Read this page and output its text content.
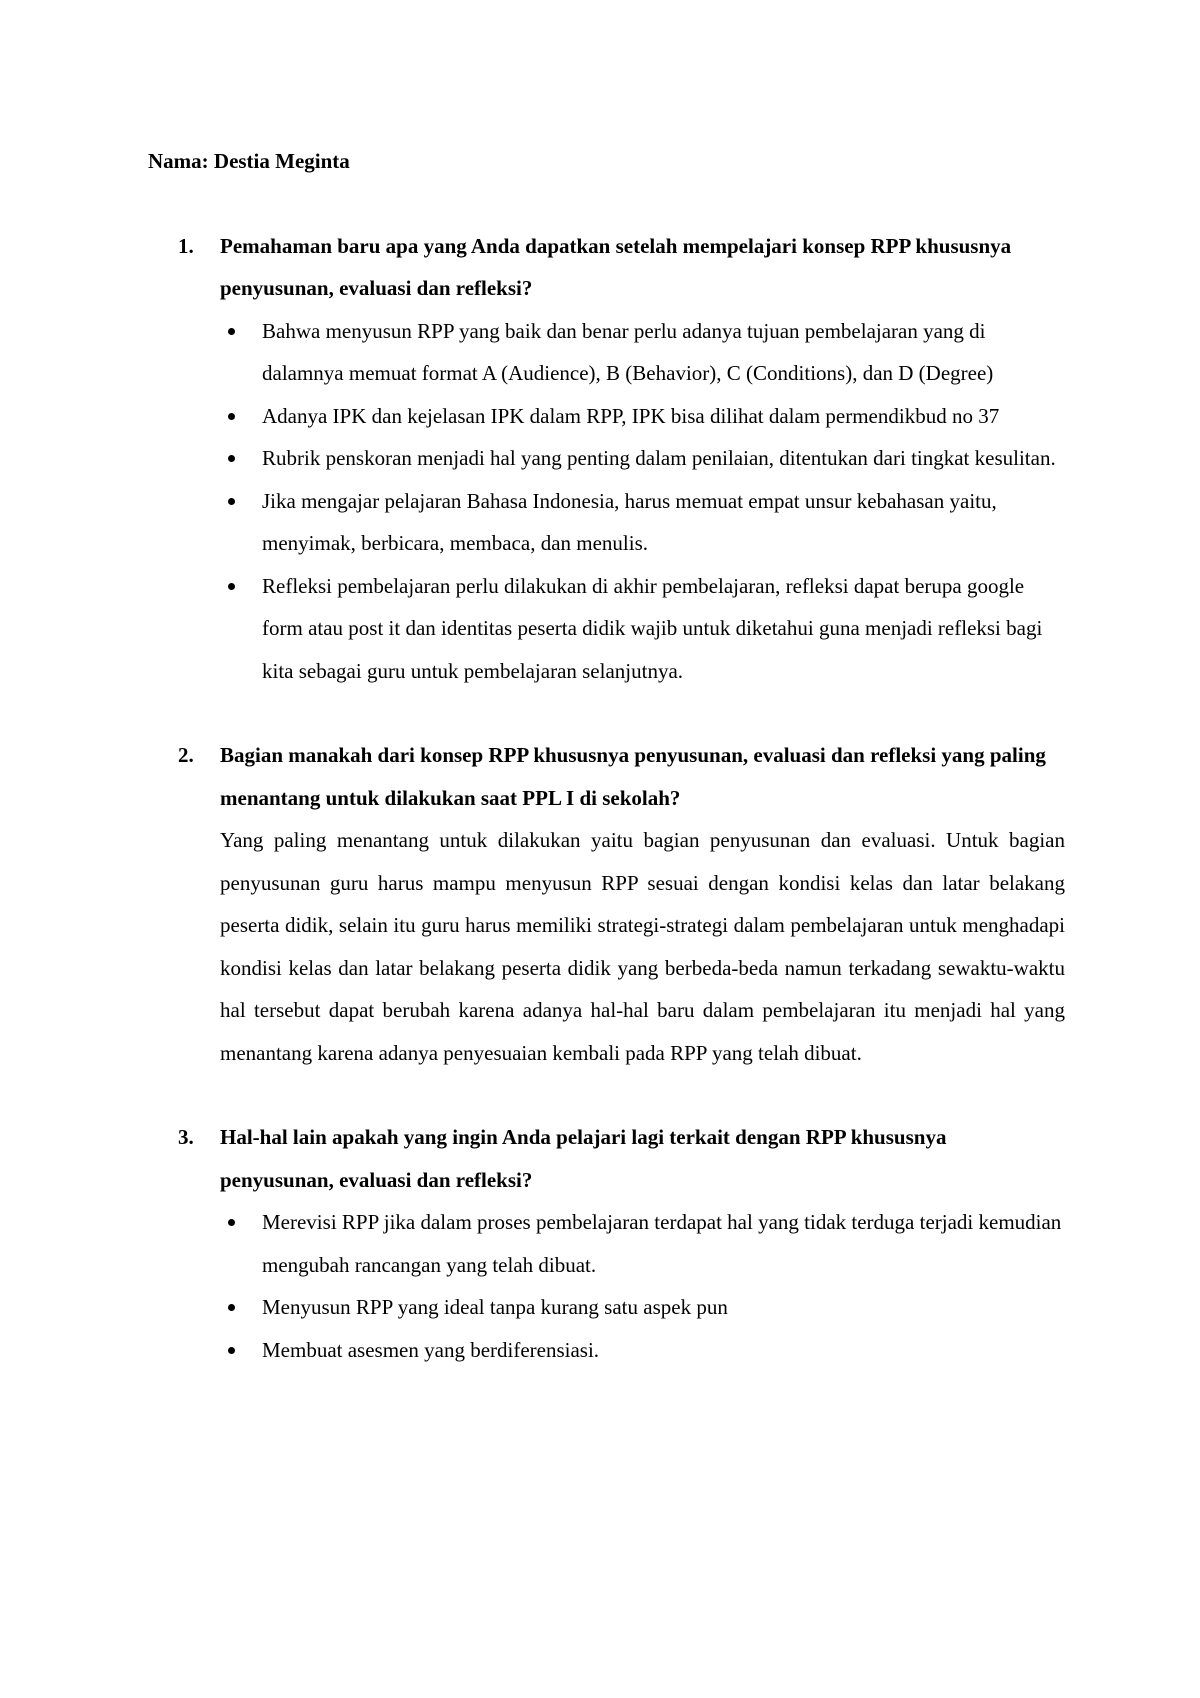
Nama: Destia Meginta

1. Pemahaman baru apa yang Anda dapatkan setelah mempelajari konsep RPP khususnya penyusunan, evaluasi dan refleksi?
Bahwa menyusun RPP yang baik dan benar perlu adanya tujuan pembelajaran yang di dalamnya memuat format A (Audience), B (Behavior), C (Conditions), dan D (Degree)
Adanya IPK dan kejelasan IPK dalam RPP, IPK bisa dilihat dalam permendikbud no 37
Rubrik penskoran menjadi hal yang penting dalam penilaian, ditentukan dari tingkat kesulitan.
Jika mengajar pelajaran Bahasa Indonesia, harus memuat empat unsur kebahasan yaitu, menyimak, berbicara, membaca, dan menulis.
Refleksi pembelajaran perlu dilakukan di akhir pembelajaran, refleksi dapat berupa google form atau post it dan identitas peserta didik wajib untuk diketahui guna menjadi refleksi bagi kita sebagai guru untuk pembelajaran selanjutnya.
2. Bagian manakah dari konsep RPP khususnya penyusunan, evaluasi dan refleksi yang paling menantang untuk dilakukan saat PPL I di sekolah?

Yang paling menantang untuk dilakukan yaitu bagian penyusunan dan evaluasi. Untuk bagian penyusunan guru harus mampu menyusun RPP sesuai dengan kondisi kelas dan latar belakang peserta didik, selain itu guru harus memiliki strategi-strategi dalam pembelajaran untuk menghadapi kondisi kelas dan latar belakang peserta didik yang berbeda-beda namun terkadang sewaktu-waktu hal tersebut dapat berubah karena adanya hal-hal baru dalam pembelajaran itu menjadi hal yang menantang karena adanya penyesuaian kembali pada RPP yang telah dibuat.

3. Hal-hal lain apakah yang ingin Anda pelajari lagi terkait dengan RPP khususnya penyusunan, evaluasi dan refleksi?
Merevisi RPP jika dalam proses pembelajaran terdapat hal yang tidak terduga terjadi kemudian mengubah rancangan yang telah dibuat.
Menyusun RPP yang ideal tanpa kurang satu aspek pun
Membuat asesmen yang berdiferensiasi.
